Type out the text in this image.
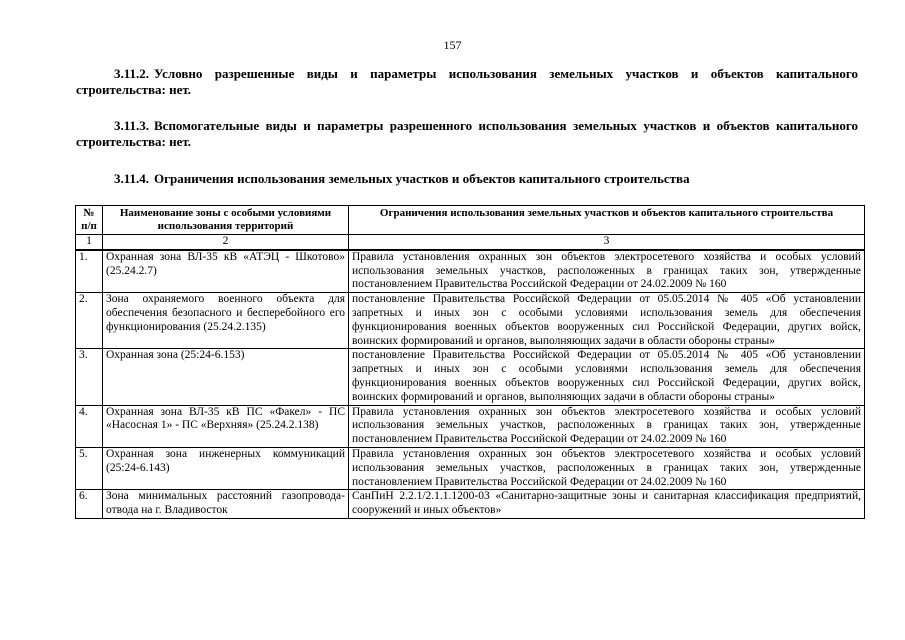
157
3.11.2. Условно разрешенные виды и параметры использования земельных участков и объектов капитального строительства: нет.
3.11.3. Вспомогательные виды и параметры разрешенного использования земельных участков и объектов капитального строительства: нет.
3.11.4. Ограничения использования земельных участков и объектов капитального строительства
№ п/п	Наименование зоны с особыми условиями использования территорий	Ограничения использования земельных участков и объектов капитального строительства
1	2	3
1.	Охранная зона ВЛ-35 кВ «АТЭЦ - Шкотово» (25.24.2.7)	Правила установления охранных зон объектов электросетевого хозяйства и особых условий использования земельных участков, расположенных в границах таких зон, утвержденные постановлением Правительства Российской Федерации от 24.02.2009 № 160
2.	Зона охраняемого военного объекта для обеспечения безопасного и бесперебойного его функционирования (25.24.2.135)	постановление Правительства Российской Федерации от 05.05.2014 № 405 «Об установлении запретных и иных зон с особыми условиями использования земель для обеспечения функционирования военных объектов вооруженных сил Российской Федерации, других войск, воинских формирований и органов, выполняющих задачи в области обороны страны»
3.	Охранная зона (25:24-6.153)	постановление Правительства Российской Федерации от 05.05.2014 № 405 «Об установлении запретных и иных зон с особыми условиями использования земель для обеспечения функционирования военных объектов вооруженных сил Российской Федерации, других войск, воинских формирований и органов, выполняющих задачи в области обороны страны»
4.	Охранная зона ВЛ-35 кВ ПС «Факел» - ПС «Насосная 1» - ПС «Верхняя» (25.24.2.138)	Правила установления охранных зон объектов электросетевого хозяйства и особых условий использования земельных участков, расположенных в границах таких зон, утвержденные постановлением Правительства Российской Федерации от 24.02.2009 № 160
5.	Охранная зона инженерных коммуникаций (25:24-6.143)	Правила установления охранных зон объектов электросетевого хозяйства и особых условий использования земельных участков, расположенных в границах таких зон, утвержденные постановлением Правительства Российской Федерации от 24.02.2009 № 160
6.	Зона минимальных расстояний газопровода-отвода на г. Владивосток	СанПиН 2.2.1/2.1.1.1200-03 «Санитарно-защитные зоны и санитарная классификация предприятий, сооружений и иных объектов»
